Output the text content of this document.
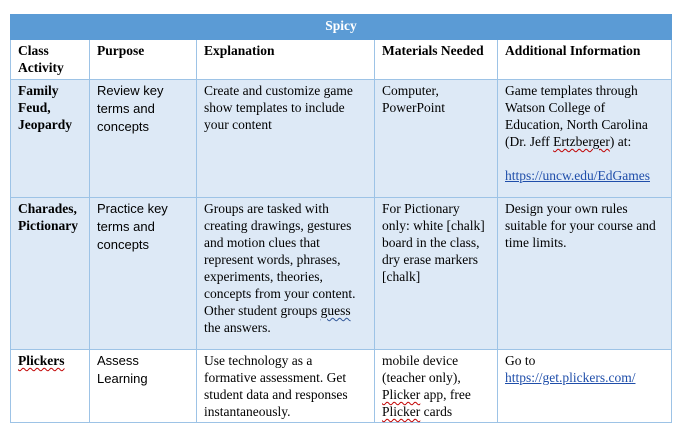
Spicy				
Class Activity	Purpose	Explanation	Materials Needed	Additional Information
Family Feud, Jeopardy	Review key terms and concepts	Create and customize game show templates to include your content	Computer, PowerPoint	Game templates through Watson College of Education, North Carolina (Dr. Jeff Ertzberger) at:
https://uncw.edu/EdGames
Charades, Pictionary	Practice key terms and concepts	Groups are tasked with creating drawings, gestures and motion clues that represent words, phrases, experiments, theories, concepts from your content. Other student groups guess the answers.	For Pictionary only: white [chalk] board in the class, dry erase markers [chalk]	Design your own rules suitable for your course and time limits.
Plickers	Assess Learning	Use technology as a formative assessment. Get student data and responses instantaneously.	mobile device (teacher only), Plicker app, free Plicker cards	Go to
https://get.plickers.com/
